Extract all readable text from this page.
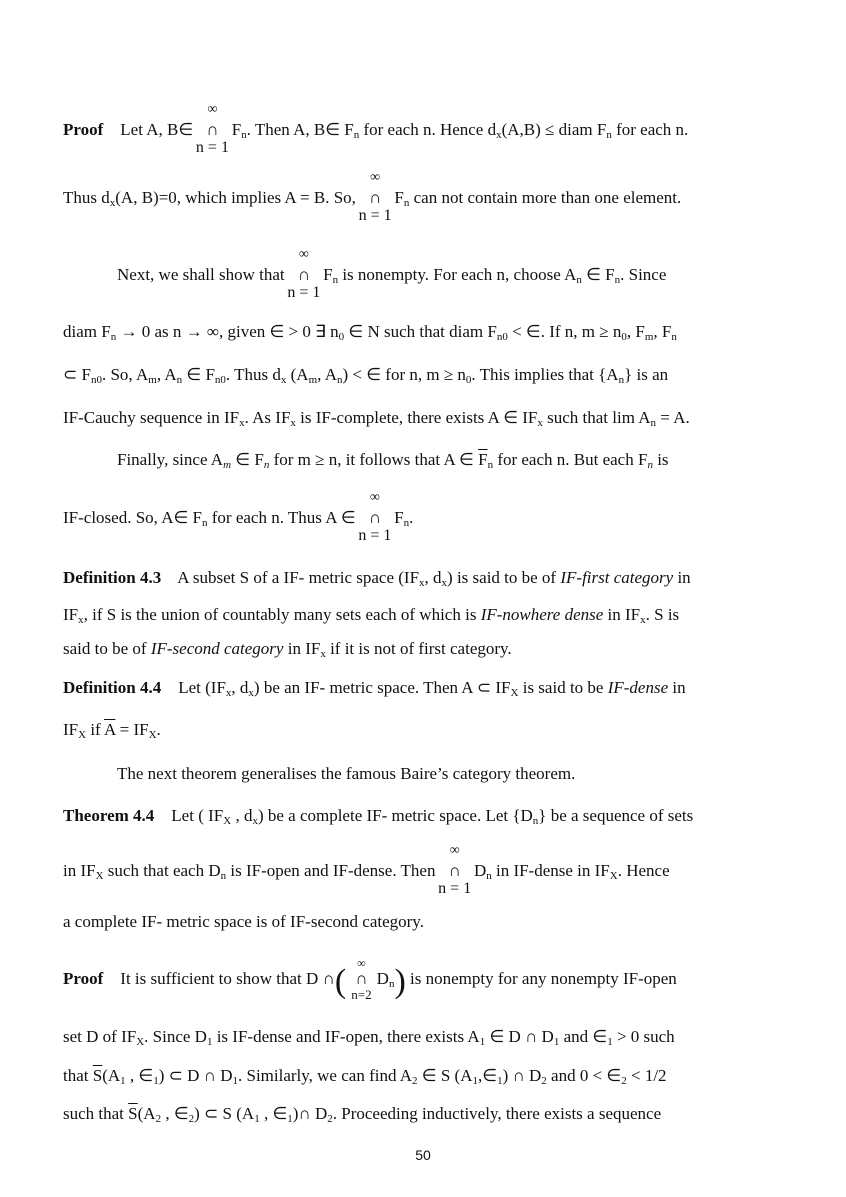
Proof Let A, B∈
∞
∩
n = 1
$F_n$. Then A, B∈ $F_n$ for each n. Hence $d_x(A,B)$ ≤ diam $F_n$ for each n.
Thus $d_x(A$, B)=0, which implies A = B. So,
∞
∩
n = 1
$F_n$ can not contain more than one element.
Next, we shall show that
∞
∩
n = 1
$F_n$ is nonempty. For each n, choose $A_n$ ∈ $F_n$. Since
diam $F_n \to 0$ as n → ∞, given ∈ > 0 ∃ $n_0$ ∈ N such that diam $F_{n0}$ < ∈. If n, $m \ge n_0$, $F_m$, $F_n$
⊂ $F_{n0}$. So, $A_m$, $A_n$ ∈ $F_{n0}$. Thus $d_x$ ($A_m$, $A_n$) < ∈ for n, $m \ge n_0$. This implies that $\{A_n\}$ is an
IF-Cauchy sequence in $IF_x$. As $IF_x$ is IF-complete, there exists A ∈ $IF_x$ such that $\lim A_n = A$.
Finally, since $A_m$ ∈ $F_n$ for m ≥ n, it follows that A ∈ $\overline{F}_n$ for each n. But each $F_n$ is
IF-closed. So, A∈ $F_n$ for each n. Thus A ∈
∞
∩
n = 1
$F_n$.
Definition 4.3 A subset S of a IF- metric space ($IF_x$, $d_x$) is said to be of IF-first category in
$IF_x$, if S is the union of countably many sets each of which is IF-nowhere dense in $IF_x$. S is
said to be of IF-second category in $IF_x$ if it is not of first category.
Definition 4.4 Let ($IF_x$, $d_x$) be an IF- metric space. Then A ⊂ $IF_X$ is said to be IF-dense in
$IF_X$ if $\overline{A} = IF_X$.
The next theorem generalises the famous Baire’s category theorem.
Theorem 4.4 Let ( $IF_X$ , $d_x$) be a complete IF- metric space. Let $\{D_n\}$ be a sequence of sets
in $IF_X$ such that each $D_n$ is IF-open and IF-dense. Then
∞
∩
n = 1
$D_n$ in IF-dense in $IF_X$. Hence
a complete IF- metric space is of IF-second category.
Proof It is sufficient to show that D ∩( ∞
∩
n=2
$D_n$) is nonempty for any nonempty IF-open
set D of $IF_X$. Since $D_1$ is IF-dense and IF-open, there exists $A_1$ ∈ D ∩ $D_1$ and $\in_1 > 0$ such
that $\overline{S}(A_1$ , $\in_1$) ⊂ D ∩ $D_1$. Similarly, we can find $A_2$ ∈ S $(A_1,\in_1)$ ∩ $D_2$ and $0 < \in_2 < 1/2$
such that $\overline{S}(A_2$ , $\in_2$) ⊂ S ($A_1$ , $\in_1)\cap$ $D_2$. Proceeding inductively, there exists a sequence
50
